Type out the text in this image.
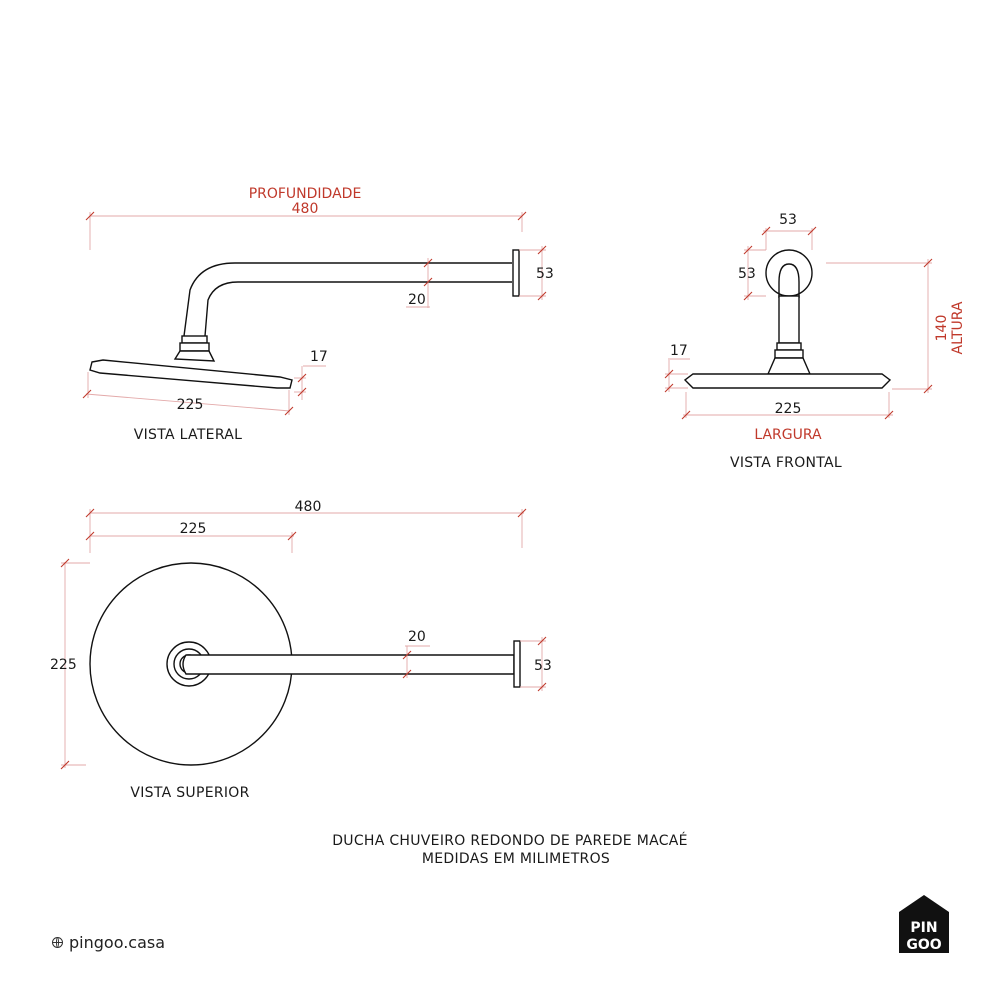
PROFUNDIDADE
480
53
20
17
225
VISTA LATERAL
53
53
140 ALTURA
17
225
LARGURA
VISTA FRONTAL
480
225
225
20
53
VISTA SUPERIOR
DUCHA CHUVEIRO REDONDO DE PAREDE MACAÉ
MEDIDAS EM MILIMETROS
PIN
GOO
pingoo.casa
